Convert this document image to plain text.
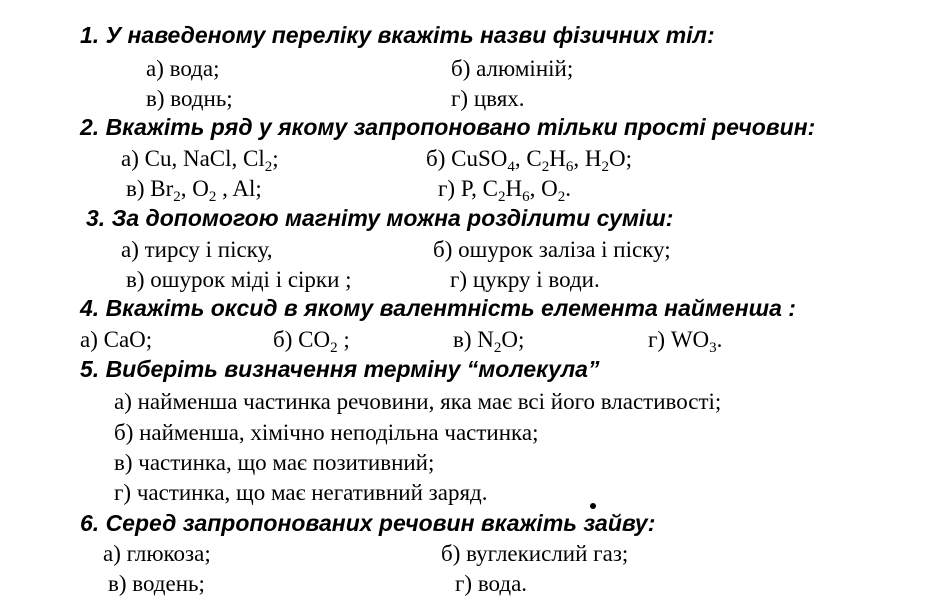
1. У наведеному переліку вкажіть назви фізичних тіл:
а) вода;	б) алюміній;
в) воднь;	г) цвях.
2. Вкажіть ряд у якому запропоновано тільки прості речовин:
а) Cu, NaCl, $Cl_2$;	б) CuSO$_4$, $C_2H_6$, $H_2O$;
в) $Br_2$, $O_2$ , Al;	г) P, $C_2H_6$, $O_2$.
3. За допомогою магніту можна розділити суміш:
а) тирсу і піску,	б) ошурок заліза і піску;
в) ошурок міді і сірки ;	г) цукру і води.
4. Вкажіть оксид в якому валентність елемента найменша :
а) CaO;	б) $CO_2$ ;	в) $N_2O$;	г) $WO_3$.
5. Виберіть визначення терміну “молекула”
а) найменша частинка речовини, яка має всі його властивості;
б) найменша, хімічно неподільна частинка;
в) частинка, що має позитивний;
г) частинка, що має негативний заряд.
6. Серед запропонованих речовин вкажіть зайву:
а) глюкоза;	б) вуглекислий газ;
в) водень;	г) вода.
